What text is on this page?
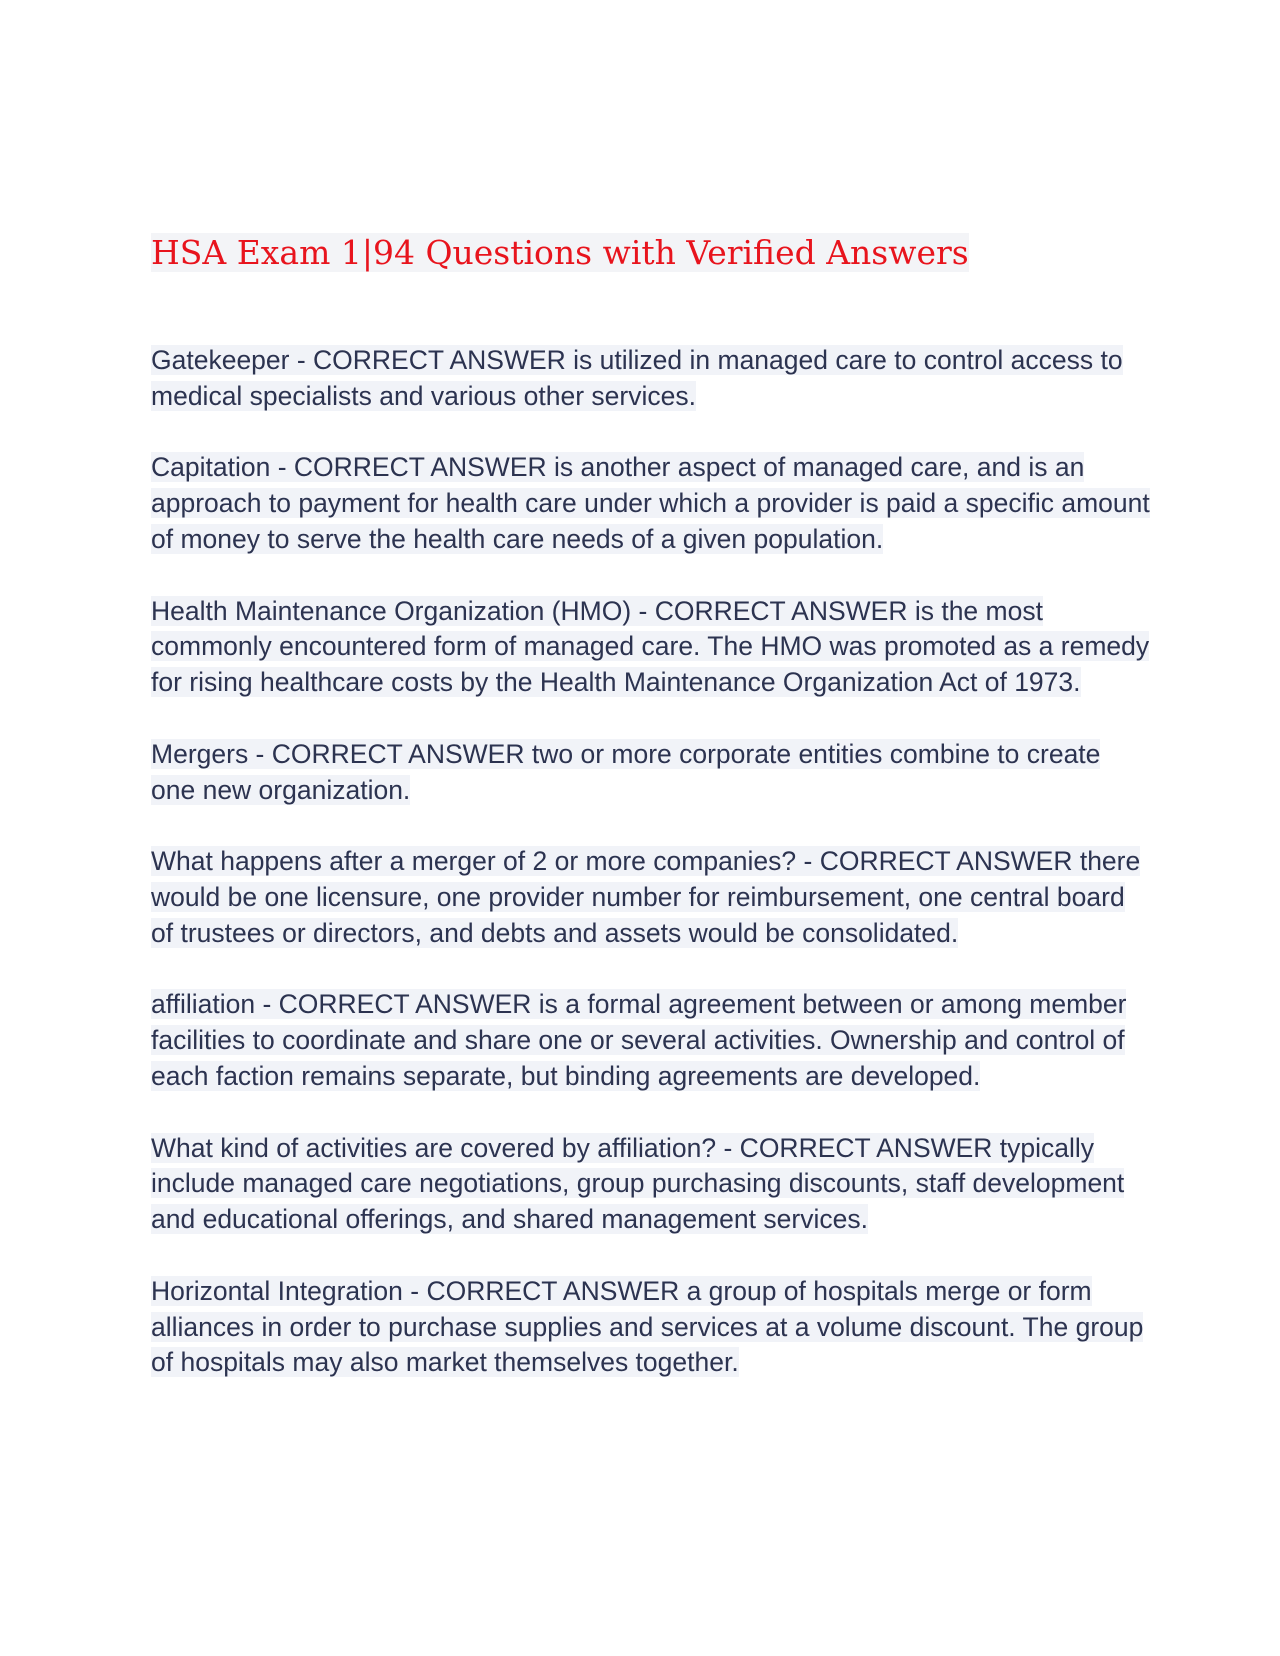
HSA Exam 1|94 Questions with Verified Answers
Gatekeeper - CORRECT ANSWER is utilized in managed care to control access to medical specialists and various other services.
Capitation - CORRECT ANSWER is another aspect of managed care, and is an approach to payment for health care under which a provider is paid a specific amount of money to serve the health care needs of a given population.
Health Maintenance Organization (HMO) - CORRECT ANSWER is the most commonly encountered form of managed care. The HMO was promoted as a remedy for rising healthcare costs by the Health Maintenance Organization Act of 1973.
Mergers - CORRECT ANSWER two or more corporate entities combine to create one new organization.
What happens after a merger of 2 or more companies? - CORRECT ANSWER there would be one licensure, one provider number for reimbursement, one central board of trustees or directors, and debts and assets would be consolidated.
affiliation - CORRECT ANSWER is a formal agreement between or among member facilities to coordinate and share one or several activities. Ownership and control of each faction remains separate, but binding agreements are developed.
What kind of activities are covered by affiliation? - CORRECT ANSWER typically include managed care negotiations, group purchasing discounts, staff development and educational offerings, and shared management services.
Horizontal Integration - CORRECT ANSWER a group of hospitals merge or form alliances in order to purchase supplies and services at a volume discount. The group of hospitals may also market themselves together.
